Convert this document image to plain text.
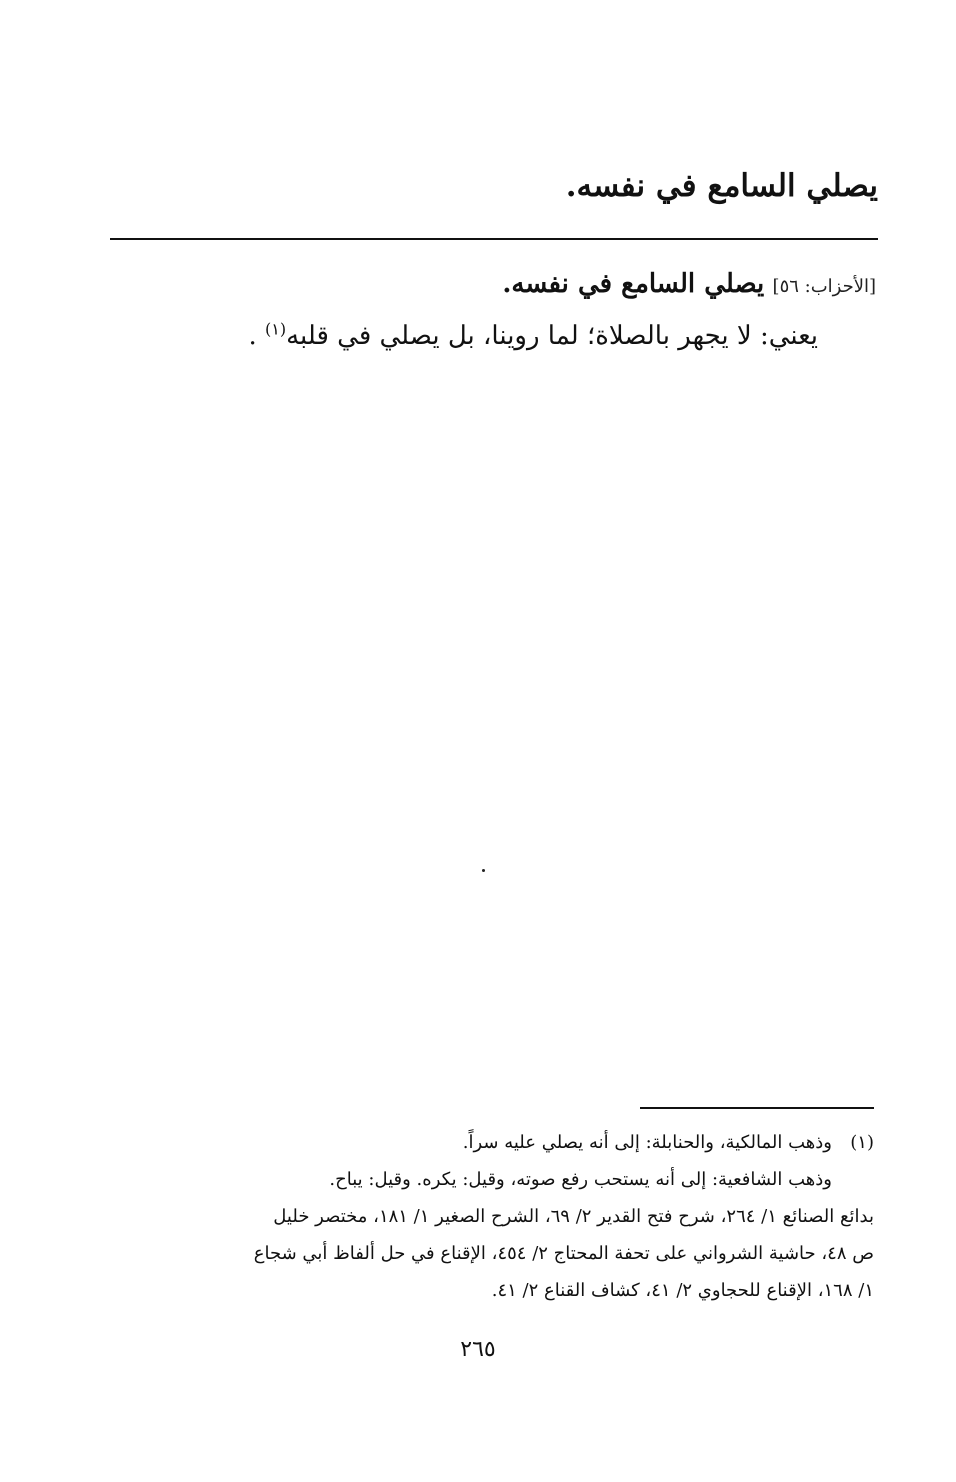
يصلي السامع في نفسه.
[الأحزاب: ٥٦] يصلي السامع في نفسه.
يعني: لا يجهر بالصلاة؛ لما روينا، بل يصلي في قلبه$^{(١)}$ .
(١)وذهب المالكية، والحنابلة: إلى أنه يصلي عليه سراً.
وذهب الشافعية: إلى أنه يستحب رفع صوته، وقيل: يكره. وقيل: يباح.
بدائع الصنائع ١/ ٢٦٤، شرح فتح القدير ٢/ ٦٩، الشرح الصغير ١/ ١٨١، مختصر خليل
ص ٤٨، حاشية الشرواني على تحفة المحتاج ٢/ ٤٥٤، الإقناع في حل ألفاظ أبي شجاع
١/ ١٦٨، الإقناع للحجاوي ٢/ ٤١، كشاف القناع ٢/ ٤١.
٢٦٥
